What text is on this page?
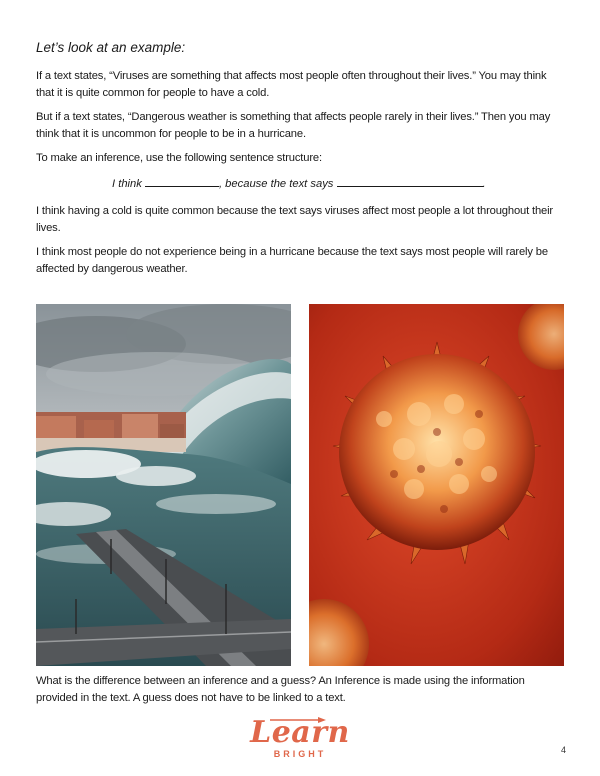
Let’s look at an example:

If a text states, “Viruses are something that affects most people often throughout their lives.” You may think that it is quite common for people to have a cold.

But if a text states, “Dangerous weather is something that affects people rarely in their lives.” Then you may think that it is uncommon for people to be in a hurricane.

To make an inference, use the following sentence structure:

I think	, because the text says	.

I think having a cold is quite common because the text says viruses affect most people a lot throughout their lives.

I think most people do not experience being in a hurricane because the text says most people will rarely be affected by dangerous weather.

What is the difference between an inference and a guess? An Inference is made using the information provided in the text. A guess does not have to be linked to a text.

Learn
BRIGHT	4
